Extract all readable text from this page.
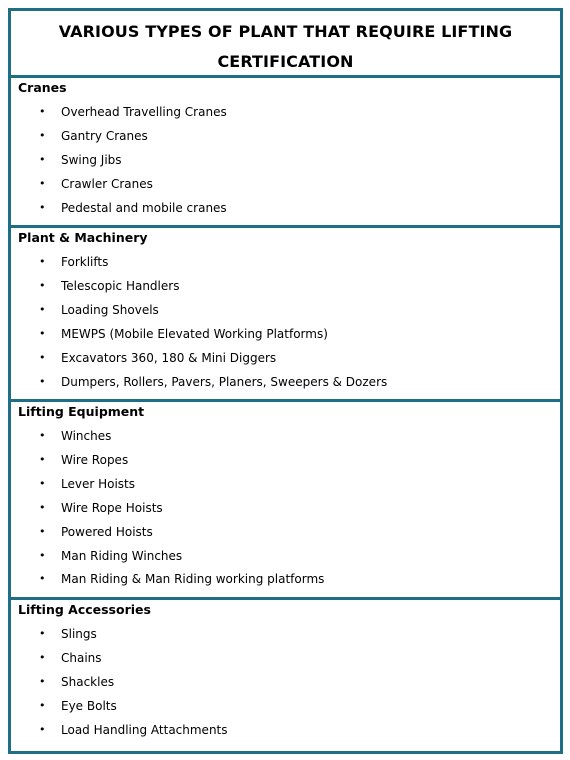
VARIOUS TYPES OF PLANT THAT REQUIRE LIFTING
CERTIFICATION
Cranes
• Overhead Travelling Cranes
• Gantry Cranes
• Swing Jibs
• Crawler Cranes
• Pedestal and mobile cranes
Plant & Machinery
• Forklifts
• Telescopic Handlers
• Loading Shovels
• MEWPS (Mobile Elevated Working Platforms)
• Excavators 360, 180 & Mini Diggers
• Dumpers, Rollers, Pavers, Planers, Sweepers & Dozers
Lifting Equipment
• Winches
• Wire Ropes
• Lever Hoists
• Wire Rope Hoists
• Powered Hoists
• Man Riding Winches
• Man Riding & Man Riding working platforms
Lifting Accessories
• Slings
• Chains
• Shackles
• Eye Bolts
• Load Handling Attachments
